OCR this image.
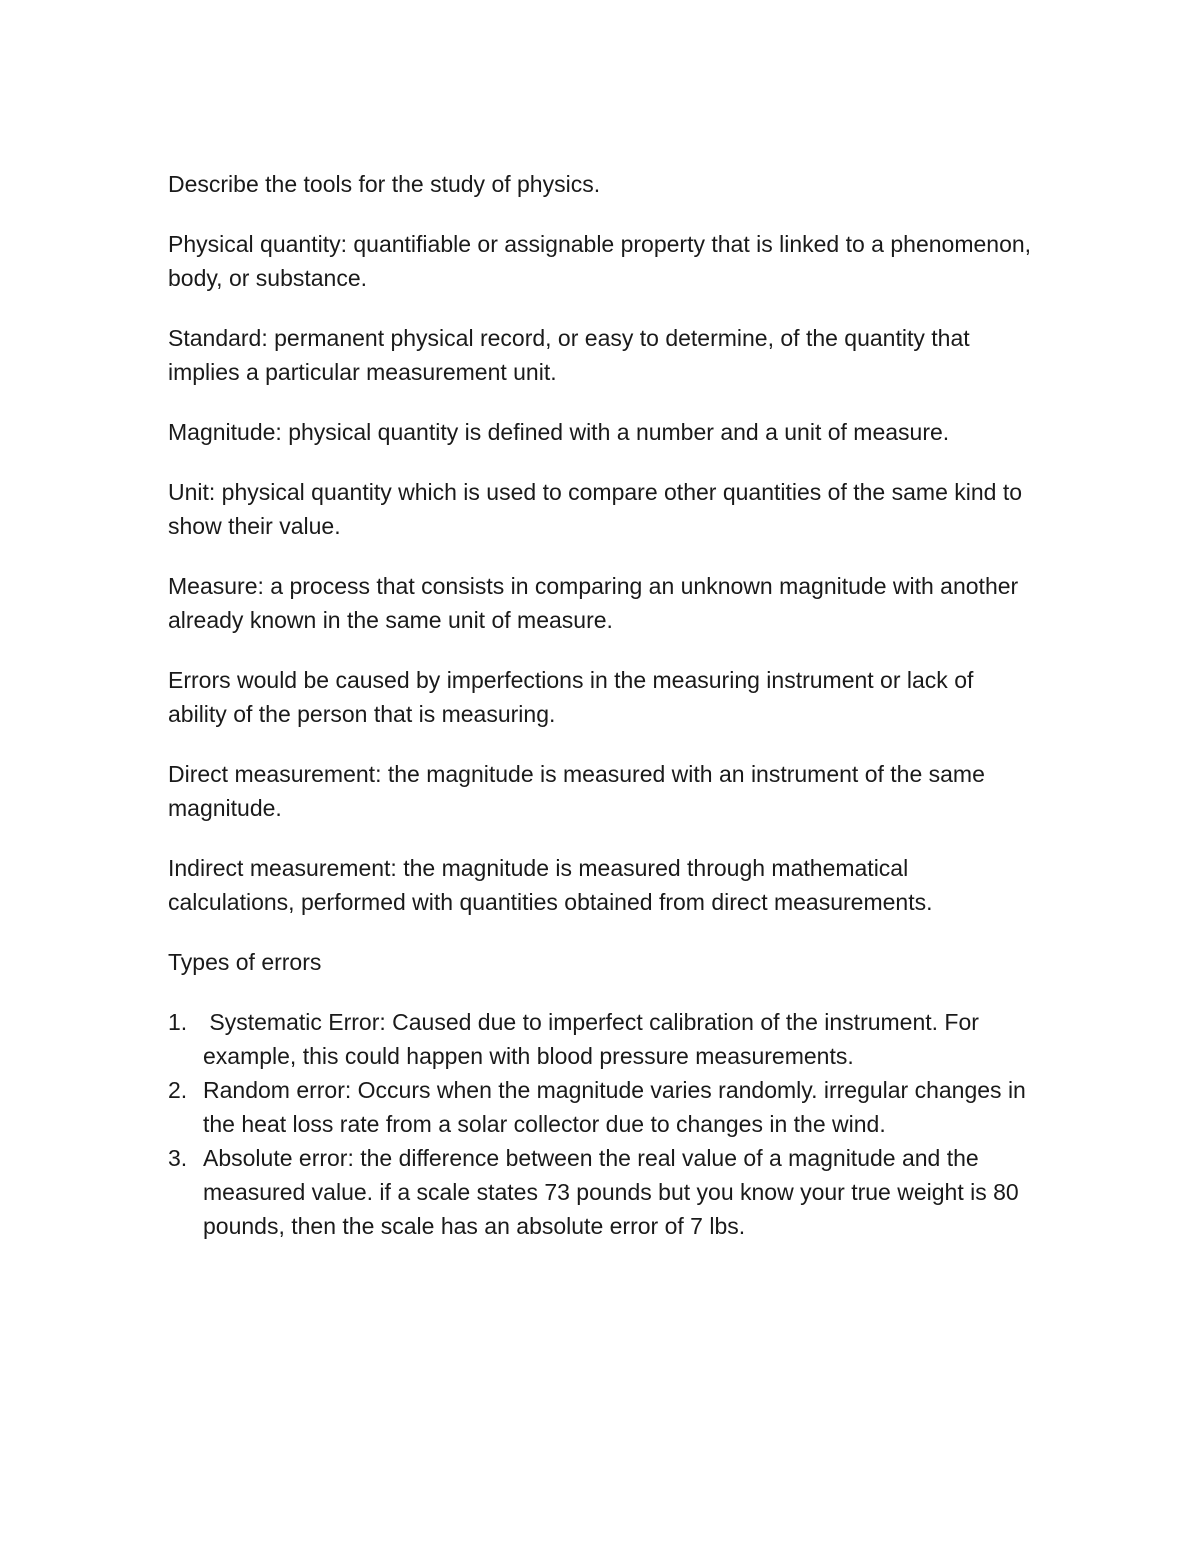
Describe the tools for the study of physics.

Physical quantity: quantifiable or assignable property that is linked to a phenomenon, body, or substance.

Standard: permanent physical record, or easy to determine, of the quantity that implies a particular measurement unit.

Magnitude: physical quantity is defined with a number and a unit of measure.

Unit: physical quantity which is used to compare other quantities of the same kind to show their value.

Measure: a process that consists in comparing an unknown magnitude with another already known in the same unit of measure.

Errors would be caused by imperfections in the measuring instrument or lack of ability of the person that is measuring.

Direct measurement: the magnitude is measured with an instrument of the same magnitude.

Indirect measurement: the magnitude is measured through mathematical calculations, performed with quantities obtained from direct measurements.

Types of errors

1. Systematic Error: Caused due to imperfect calibration of the instrument. For example, this could happen with blood pressure measurements.
2. Random error: Occurs when the magnitude varies randomly. irregular changes in the heat loss rate from a solar collector due to changes in the wind.
3. Absolute error: the difference between the real value of a magnitude and the measured value. if a scale states 73 pounds but you know your true weight is 80 pounds, then the scale has an absolute error of 7 lbs.
